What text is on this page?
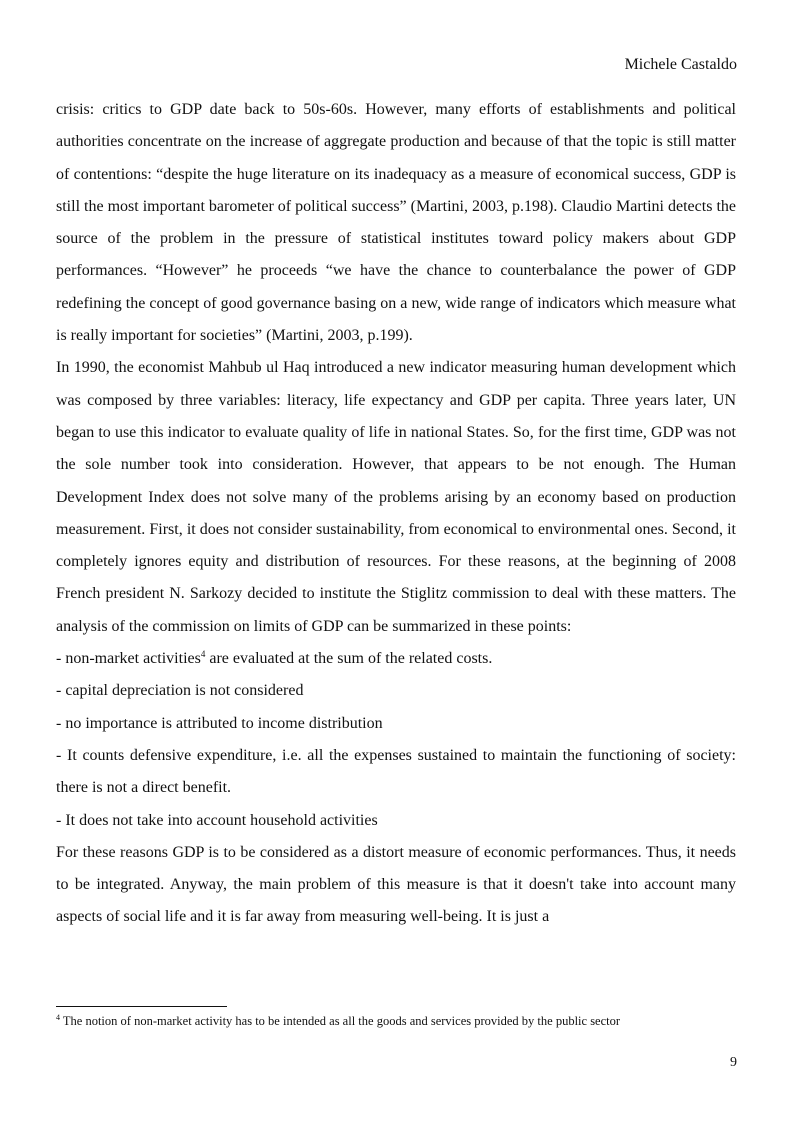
Michele Castaldo

crisis: critics to GDP date back to 50s-60s. However, many efforts of establishments and political authorities concentrate on the increase of aggregate production and because of that the topic is still matter of contentions: “despite the huge literature on its inadequacy as a measure of economical success, GDP is still the most important barometer of political success” (Martini, 2003, p.198). Claudio Martini detects the source of the problem in the pressure of statistical institutes toward policy makers about GDP performances. “However” he proceeds “we have the chance to counterbalance the power of GDP redefining the concept of good governance basing on a new, wide range of indicators which measure what is really important for societies” (Martini, 2003, p.199).

In 1990, the economist Mahbub ul Haq introduced a new indicator measuring human development which was composed by three variables: literacy, life expectancy and GDP per capita. Three years later, UN began to use this indicator to evaluate quality of life in national States. So, for the first time, GDP was not the sole number took into consideration. However, that appears to be not enough. The Human Development Index does not solve many of the problems arising by an economy based on production measurement. First, it does not consider sustainability, from economical to environmental ones. Second, it completely ignores equity and distribution of resources. For these reasons, at the beginning of 2008 French president N. Sarkozy decided to institute the Stiglitz commission to deal with these matters. The analysis of the commission on limits of GDP can be summarized in these points:

- non-market activities$^4$ are evaluated at the sum of the related costs.

- capital depreciation is not considered

- no importance is attributed to income distribution

- It counts defensive expenditure, i.e. all the expenses sustained to maintain the functioning of society: there is not a direct benefit.

- It does not take into account household activities

For these reasons GDP is to be considered as a distort measure of economic performances. Thus, it needs to be integrated. Anyway, the main problem of this measure is that it doesn't take into account many aspects of social life and it is far away from measuring well-being. It is just a

$^4$ The notion of non-market activity has to be intended as all the goods and services provided by the public sector
9
